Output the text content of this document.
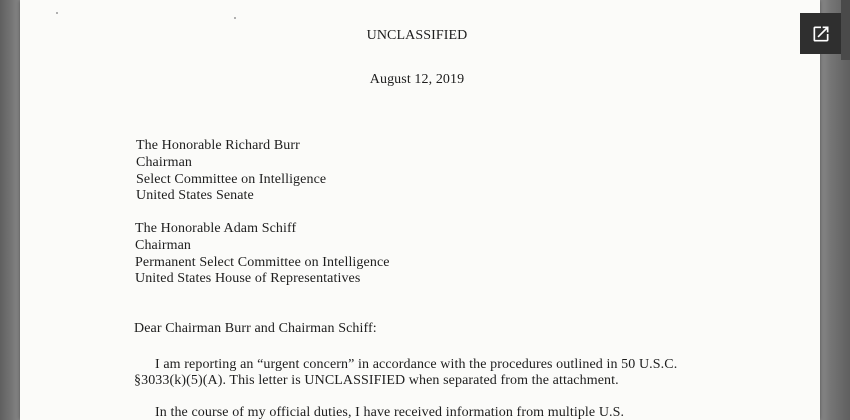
UNCLASSIFIED
August 12, 2019
The Honorable Richard Burr
Chairman
Select Committee on Intelligence
United States Senate
The Honorable Adam Schiff
Chairman
Permanent Select Committee on Intelligence
United States House of Representatives
Dear Chairman Burr and Chairman Schiff:
I am reporting an “urgent concern” in accordance with the procedures outlined in 50 U.S.C.
§3033(k)(5)(A). This letter is UNCLASSIFIED when separated from the attachment.
In the course of my official duties, I have received information from multiple U.S.
